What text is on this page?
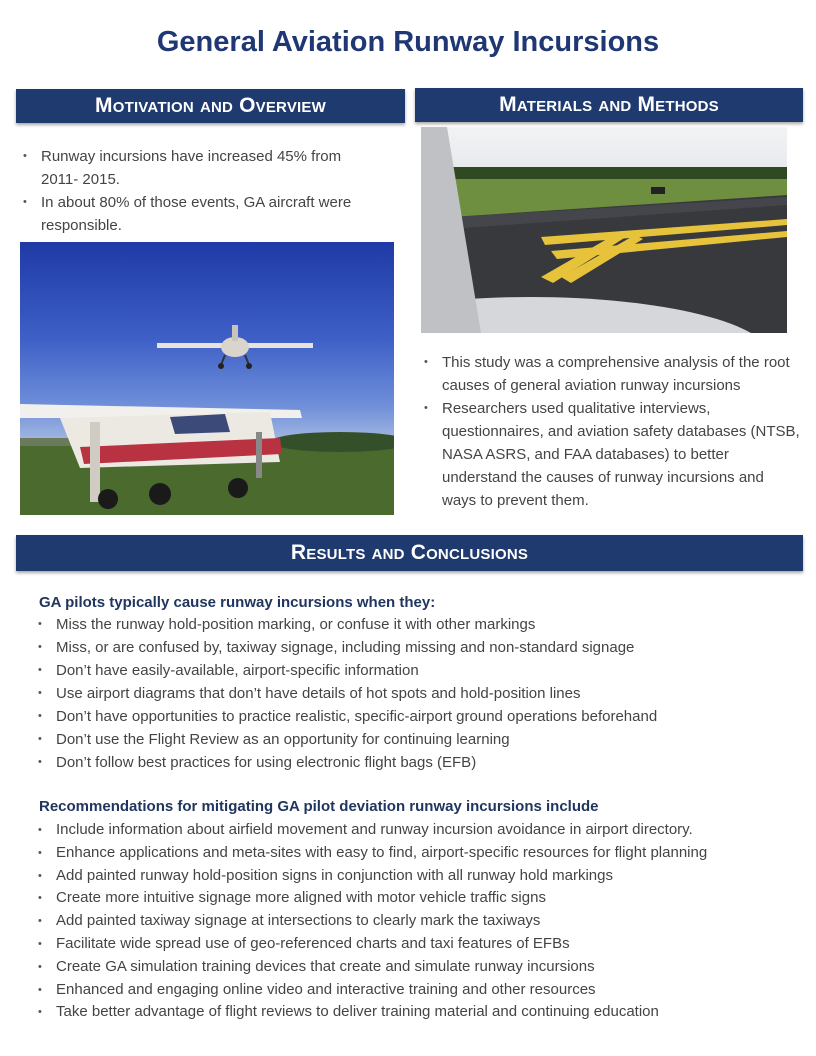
General Aviation Runway Incursions
Motivation and Overview	Materials and Methods
• Runway incursions have increased 45% from 2011- 2015.
• In about 80% of those events, GA aircraft were responsible.
• This study was a comprehensive analysis of the root causes of general aviation runway incursions
• Researchers used qualitative interviews, questionnaires, and aviation safety databases (NTSB, NASA ASRS, and FAA databases) to better understand the causes of runway incursions and ways to prevent them.
Results and Conclusions
GA pilots typically cause runway incursions when they:
• Miss the runway hold-position marking, or confuse it with other markings
• Miss, or are confused by, taxiway signage, including missing and non-standard signage
• Don’t have easily-available, airport-specific information
• Use airport diagrams that don’t have details of hot spots and hold-position lines
• Don’t have opportunities to practice realistic, specific-airport ground operations beforehand
• Don’t use the Flight Review as an opportunity for continuing learning
• Don’t follow best practices for using electronic flight bags (EFB)
Recommendations for mitigating GA pilot deviation runway incursions include
• Include information about airfield movement and runway incursion avoidance in airport directory.
• Enhance applications and meta-sites with easy to find, airport-specific resources for flight planning
• Add painted runway hold-position signs in conjunction with all runway hold markings
• Create more intuitive signage more aligned with motor vehicle traffic signs
• Add painted taxiway signage at intersections to clearly mark the taxiways
• Facilitate wide spread use of geo-referenced charts and taxi features of EFBs
• Create GA simulation training devices that create and simulate runway incursions
• Enhanced and engaging online video and interactive training and other resources
• Take better advantage of flight reviews to deliver training material and continuing education
